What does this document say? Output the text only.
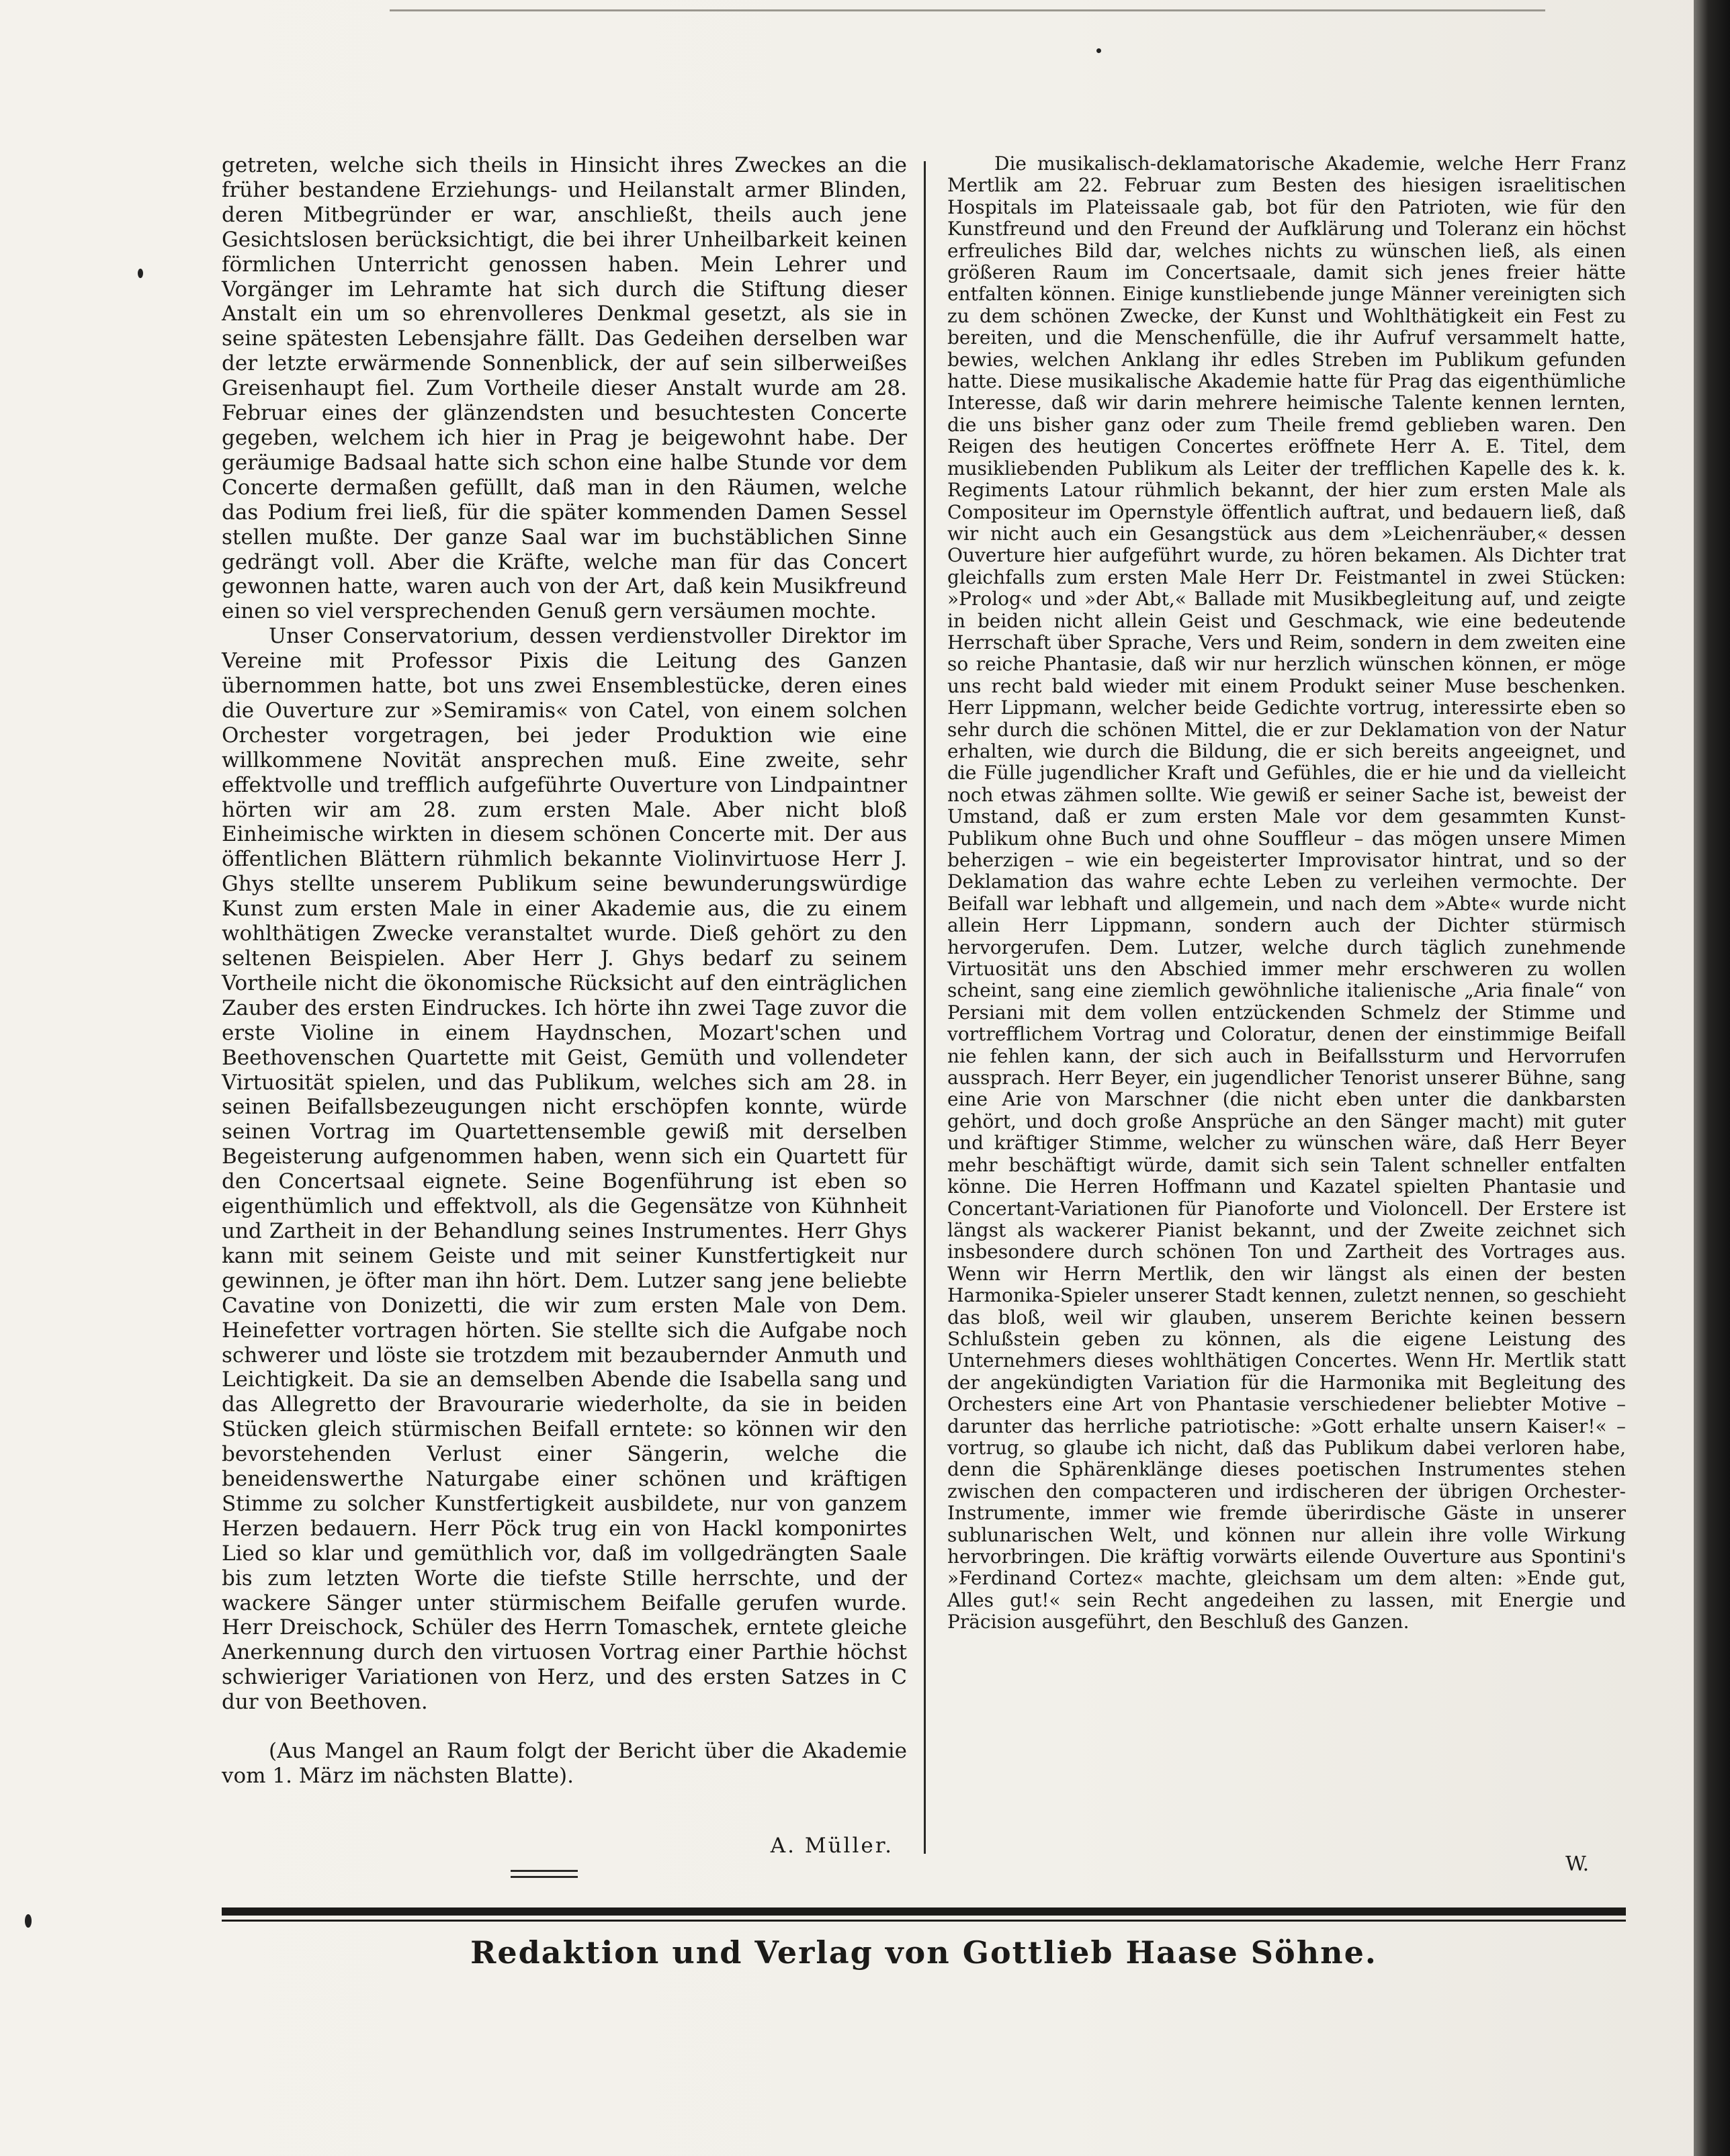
getreten, welche sich theils in Hinsicht ihres Zweckes an die früher bestandene Erziehungs- und Heilanstalt armer Blinden, deren Mitbegründer er war, anschließt, theils auch jene Gesichtslosen berücksichtigt, die bei ihrer Unheilbarkeit keinen förmlichen Unterricht genossen haben. Mein Lehrer und Vorgänger im Lehramte hat sich durch die Stiftung dieser Anstalt ein um so ehrenvolleres Denkmal gesetzt, als sie in seine spätesten Lebensjahre fällt. Das Gedeihen derselben war der letzte erwärmende Sonnenblick, der auf sein silberweißes Greisenhaupt fiel. Zum Vortheile dieser Anstalt wurde am 28. Februar eines der glänzendsten und besuchtesten Concerte gegeben, welchem ich hier in Prag je beigewohnt habe. Der geräumige Badsaal hatte sich schon eine halbe Stunde vor dem Concerte dermaßen gefüllt, daß man in den Räumen, welche das Podium frei ließ, für die später kommenden Damen Sessel stellen mußte. Der ganze Saal war im buchstäblichen Sinne gedrängt voll. Aber die Kräfte, welche man für das Concert gewonnen hatte, waren auch von der Art, daß kein Musikfreund einen so viel versprechenden Genuß gern versäumen mochte.

Unser Conservatorium, dessen verdienstvoller Direktor im Vereine mit Professor Pixis die Leitung des Ganzen übernommen hatte, bot uns zwei Ensemblestücke, deren eines die Ouverture zur »Semiramis« von Catel, von einem solchen Orchester vorgetragen, bei jeder Produktion wie eine willkommene Novität ansprechen muß. Eine zweite, sehr effektvolle und trefflich aufgeführte Ouverture von Lindpaintner hörten wir am 28. zum ersten Male. Aber nicht bloß Einheimische wirkten in diesem schönen Concerte mit. Der aus öffentlichen Blättern rühmlich bekannte Violinvirtuose Herr J. Ghys stellte unserem Publikum seine bewunderungswürdige Kunst zum ersten Male in einer Akademie aus, die zu einem wohlthätigen Zwecke veranstaltet wurde. Dieß gehört zu den seltenen Beispielen. Aber Herr J. Ghys bedarf zu seinem Vortheile nicht die ökonomische Rücksicht auf den einträglichen Zauber des ersten Eindruckes. Ich hörte ihn zwei Tage zuvor die erste Violine in einem Haydnschen, Mozart'schen und Beethovenschen Quartette mit Geist, Gemüth und vollendeter Virtuosität spielen, und das Publikum, welches sich am 28. in seinen Beifallsbezeugungen nicht erschöpfen konnte, würde seinen Vortrag im Quartettensemble gewiß mit derselben Begeisterung aufgenommen haben, wenn sich ein Quartett für den Concertsaal eignete. Seine Bogenführung ist eben so eigenthümlich und effektvoll, als die Gegensätze von Kühnheit und Zartheit in der Behandlung seines Instrumentes. Herr Ghys kann mit seinem Geiste und mit seiner Kunstfertigkeit nur gewinnen, je öfter man ihn hört. Dem. Lutzer sang jene beliebte Cavatine von Donizetti, die wir zum ersten Male von Dem. Heinefetter vortragen hörten. Sie stellte sich die Aufgabe noch schwerer und löste sie trotzdem mit bezaubernder Anmuth und Leichtigkeit. Da sie an demselben Abende die Isabella sang und das Allegretto der Bravourarie wiederholte, da sie in beiden Stücken gleich stürmischen Beifall erntete: so können wir den bevorstehenden Verlust einer Sängerin, welche die beneidenswerthe Naturgabe einer schönen und kräftigen Stimme zu solcher Kunstfertigkeit ausbildete, nur von ganzem Herzen bedauern. Herr Pöck trug ein von Hackl komponirtes Lied so klar und gemüthlich vor, daß im vollgedrängten Saale bis zum letzten Worte die tiefste Stille herrschte, und der wackere Sänger unter stürmischem Beifalle gerufen wurde. Herr Dreischock, Schüler des Herrn Tomaschek, erntete gleiche Anerkennung durch den virtuosen Vortrag einer Parthie höchst schwieriger Variationen von Herz, und des ersten Satzes in C dur von Beethoven.

(Aus Mangel an Raum folgt der Bericht über die Akademie vom 1. März im nächsten Blatte).

Die musikalisch-deklamatorische Akademie, welche Herr Franz Mertlik am 22. Februar zum Besten des hiesigen israelitischen Hospitals im Plateissaale gab, bot für den Patrioten, wie für den Kunstfreund und den Freund der Aufklärung und Toleranz ein höchst erfreuliches Bild dar, welches nichts zu wünschen ließ, als einen größeren Raum im Concertsaale, damit sich jenes freier hätte entfalten können. Einige kunstliebende junge Männer vereinigten sich zu dem schönen Zwecke, der Kunst und Wohlthätigkeit ein Fest zu bereiten, und die Menschenfülle, die ihr Aufruf versammelt hatte, bewies, welchen Anklang ihr edles Streben im Publikum gefunden hatte. Diese musikalische Akademie hatte für Prag das eigenthümliche Interesse, daß wir darin mehrere heimische Talente kennen lernten, die uns bisher ganz oder zum Theile fremd geblieben waren. Den Reigen des heutigen Concertes eröffnete Herr A. E. Titel, dem musikliebenden Publikum als Leiter der trefflichen Kapelle des k. k. Regiments Latour rühmlich bekannt, der hier zum ersten Male als Compositeur im Opernstyle öffentlich auftrat, und bedauern ließ, daß wir nicht auch ein Gesangstück aus dem »Leichenräuber,« dessen Ouverture hier aufgeführt wurde, zu hören bekamen. Als Dichter trat gleichfalls zum ersten Male Herr Dr. Feistmantel in zwei Stücken: »Prolog« und »der Abt,« Ballade mit Musikbegleitung auf, und zeigte in beiden nicht allein Geist und Geschmack, wie eine bedeutende Herrschaft über Sprache, Vers und Reim, sondern in dem zweiten eine so reiche Phantasie, daß wir nur herzlich wünschen können, er möge uns recht bald wieder mit einem Produkt seiner Muse beschenken. Herr Lippmann, welcher beide Gedichte vortrug, interessirte eben so sehr durch die schönen Mittel, die er zur Deklamation von der Natur erhalten, wie durch die Bildung, die er sich bereits angeeignet, und die Fülle jugendlicher Kraft und Gefühles, die er hie und da vielleicht noch etwas zähmen sollte. Wie gewiß er seiner Sache ist, beweist der Umstand, daß er zum ersten Male vor dem gesammten Kunst-Publikum ohne Buch und ohne Souffleur – das mögen unsere Mimen beherzigen – wie ein begeisterter Improvisator hintrat, und so der Deklamation das wahre echte Leben zu verleihen vermochte. Der Beifall war lebhaft und allgemein, und nach dem »Abte« wurde nicht allein Herr Lippmann, sondern auch der Dichter stürmisch hervorgerufen. Dem. Lutzer, welche durch täglich zunehmende Virtuosität uns den Abschied immer mehr erschweren zu wollen scheint, sang eine ziemlich gewöhnliche italienische „Aria finale“ von Persiani mit dem vollen entzückenden Schmelz der Stimme und vortrefflichem Vortrag und Coloratur, denen der einstimmige Beifall nie fehlen kann, der sich auch in Beifallssturm und Hervorrufen aussprach. Herr Beyer, ein jugendlicher Tenorist unserer Bühne, sang eine Arie von Marschner (die nicht eben unter die dankbarsten gehört, und doch große Ansprüche an den Sänger macht) mit guter und kräftiger Stimme, welcher zu wünschen wäre, daß Herr Beyer mehr beschäftigt würde, damit sich sein Talent schneller entfalten könne. Die Herren Hoffmann und Kazatel spielten Phantasie und Concertant-Variationen für Pianoforte und Violoncell. Der Erstere ist längst als wackerer Pianist bekannt, und der Zweite zeichnet sich insbesondere durch schönen Ton und Zartheit des Vortrages aus. Wenn wir Herrn Mertlik, den wir längst als einen der besten Harmonika-Spieler unserer Stadt kennen, zuletzt nennen, so geschieht das bloß, weil wir glauben, unserem Berichte keinen bessern Schlußstein geben zu können, als die eigene Leistung des Unternehmers dieses wohlthätigen Concertes. Wenn Hr. Mertlik statt der angekündigten Variation für die Harmonika mit Begleitung des Orchesters eine Art von Phantasie verschiedener beliebter Motive – darunter das herrliche patriotische: »Gott erhalte unsern Kaiser!« – vortrug, so glaube ich nicht, daß das Publikum dabei verloren habe, denn die Sphärenklänge dieses poetischen Instrumentes stehen zwischen den compacteren und irdischeren der übrigen Orchester-Instrumente, immer wie fremde überirdische Gäste in unserer sublunarischen Welt, und können nur allein ihre volle Wirkung hervorbringen. Die kräftig vorwärts eilende Ouverture aus Spontini's »Ferdinand Cortez« machte, gleichsam um dem alten: »Ende gut, Alles gut!« sein Recht angedeihen zu lassen, mit Energie und Präcision ausgeführt, den Beschluß des Ganzen.

A. Müller.
W.
Redaktion und Verlag von Gottlieb Haase Söhne.
